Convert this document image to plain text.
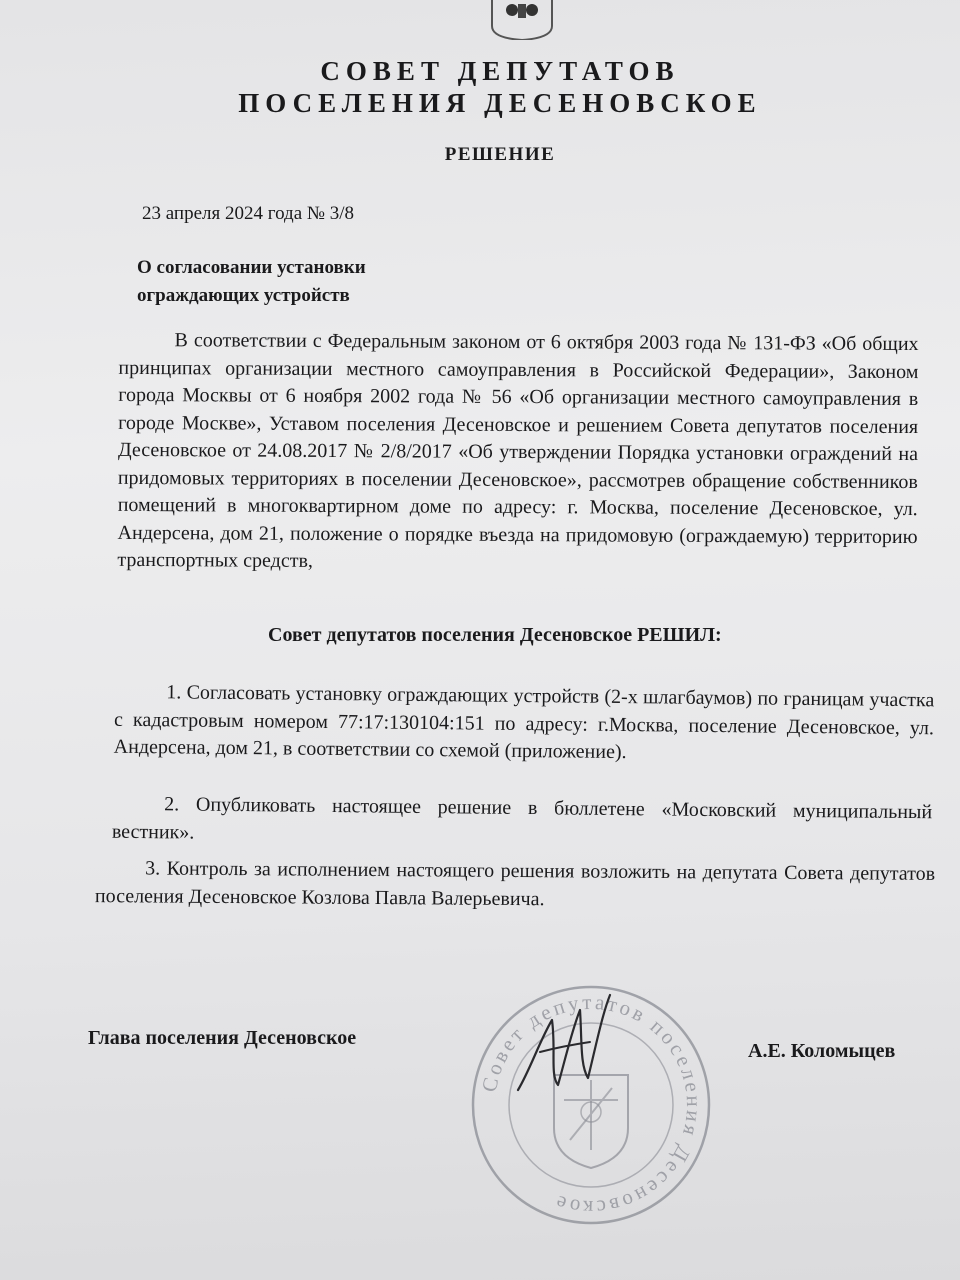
СОВЕТ ДЕПУТАТОВ
ПОСЕЛЕНИЯ ДЕСЕНОВСКОЕ
РЕШЕНИЕ
23 апреля 2024 года № 3/8
О согласовании установки
ограждающих устройств
В соответствии с Федеральным законом от 6 октября 2003 года № 131-ФЗ «Об общих принципах организации местного самоуправления в Российской Федерации», Законом города Москвы от 6 ноября 2002 года № 56 «Об организации местного самоуправления в городе Москве», Уставом поселения Десеновское и решением Совета депутатов поселения Десеновское от 24.08.2017 № 2/8/2017 «Об утверждении Порядка установки ограждений на придомовых территориях в поселении Десеновское», рассмотрев обращение собственников помещений в многоквартирном доме по адресу: г. Москва, поселение Десеновское, ул. Андерсена, дом 21, положение о порядке въезда на придомовую (ограждаемую) территорию транспортных средств,
Совет депутатов поселения Десеновское РЕШИЛ:
1. Согласовать установку ограждающих устройств (2-х шлагбаумов) по границам участка с кадастровым номером 77:17:130104:151 по адресу: г.Москва, поселение Десеновское, ул. Андерсена, дом 21, в соответствии со схемой (приложение).
2. Опубликовать настоящее решение в бюллетене «Московский муниципальный вестник».
3. Контроль за исполнением настоящего решения возложить на депутата Совета депутатов поселения Десеновское Козлова Павла Валерьевича.
Глава поселения Десеновское
Совет депутатов поселения Десеновское
А.Е. Коломыцев
